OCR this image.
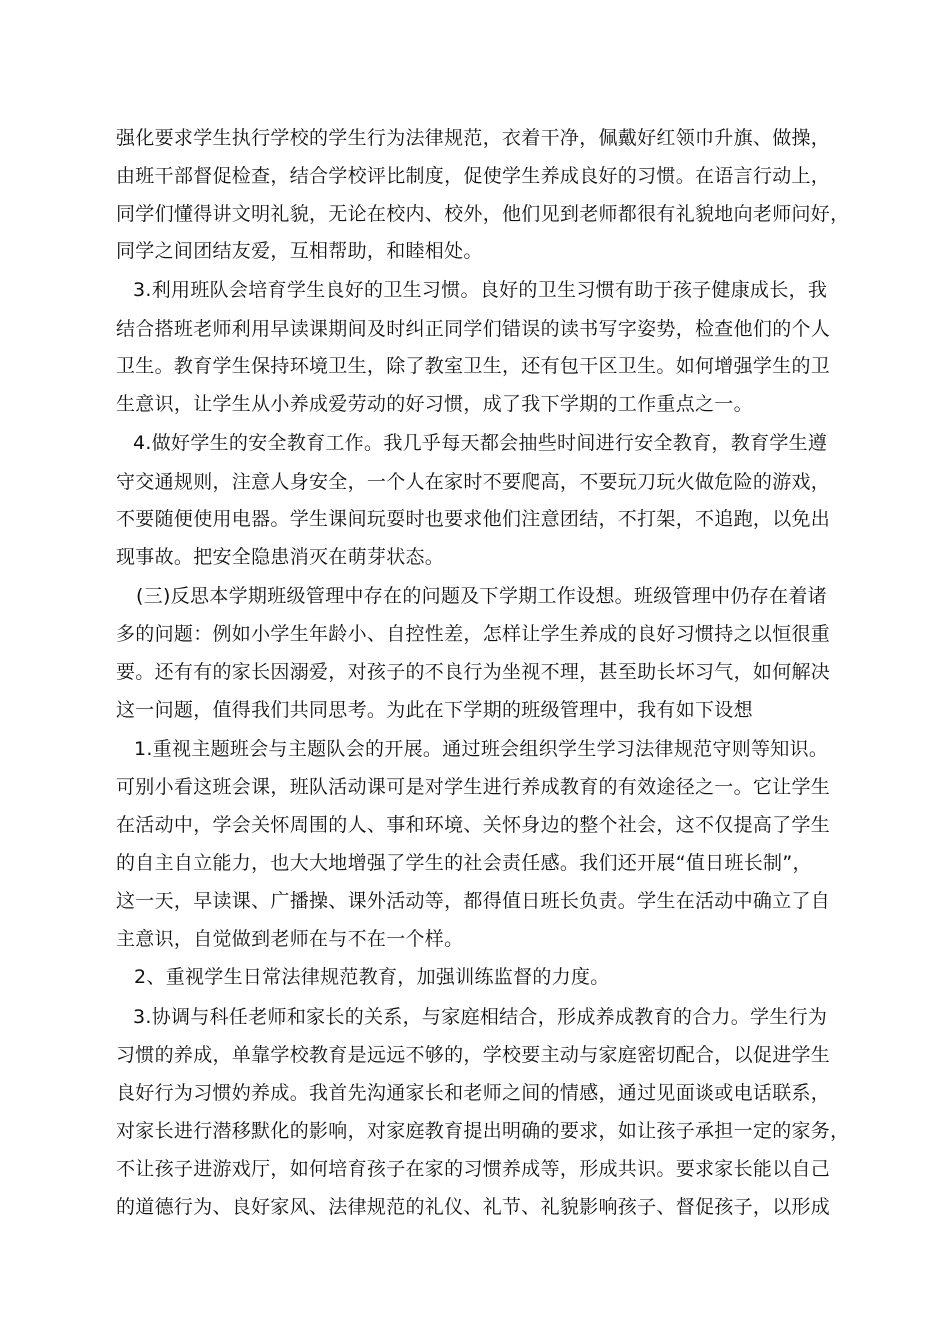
强化要求学生执行学校的学生行为法律规范，衣着干净，佩戴好红领巾升旗、做操，
由班干部督促检查，结合学校评比制度，促使学生养成良好的习惯。在语言行动上，
同学们懂得讲文明礼貌，无论在校内、校外，他们见到老师都很有礼貌地向老师问好，
同学之间团结友爱，互相帮助，和睦相处。
3.利用班队会培育学生良好的卫生习惯。良好的卫生习惯有助于孩子健康成长，我
结合搭班老师利用早读课期间及时纠正同学们错误的读书写字姿势，检查他们的个人
卫生。教育学生保持环境卫生，除了教室卫生，还有包干区卫生。如何增强学生的卫
生意识，让学生从小养成爱劳动的好习惯，成了我下学期的工作重点之一。
4.做好学生的安全教育工作。我几乎每天都会抽些时间进行安全教育，教育学生遵
守交通规则，注意人身安全，一个人在家时不要爬高，不要玩刀玩火做危险的游戏，
不要随便使用电器。学生课间玩耍时也要求他们注意团结，不打架，不追跑，以免出
现事故。把安全隐患消灭在萌芽状态。
(三)反思本学期班级管理中存在的问题及下学期工作设想。班级管理中仍存在着诸
多的问题：例如小学生年龄小、自控性差，怎样让学生养成的良好习惯持之以恒很重
要。还有有的家长因溺爱，对孩子的不良行为坐视不理，甚至助长坏习气，如何解决
这一问题，值得我们共同思考。为此在下学期的班级管理中，我有如下设想
1.重视主题班会与主题队会的开展。通过班会组织学生学习法律规范守则等知识。
可别小看这班会课，班队活动课可是对学生进行养成教育的有效途径之一。它让学生
在活动中，学会关怀周围的人、事和环境、关怀身边的整个社会，这不仅提高了学生
的自主自立能力，也大大地增强了学生的社会责任感。我们还开展“值日班长制”，
这一天，早读课、广播操、课外活动等，都得值日班长负责。学生在活动中确立了自
主意识，自觉做到老师在与不在一个样。
2、重视学生日常法律规范教育，加强训练监督的力度。
3.协调与科任老师和家长的关系，与家庭相结合，形成养成教育的合力。学生行为
习惯的养成，单靠学校教育是远远不够的，学校要主动与家庭密切配合，以促进学生
良好行为习惯妁养成。我首先沟通家长和老师之间的情感，通过见面谈或电话联系，
对家长进行潜移默化的影响，对家庭教育提出明确的要求，如让孩子承担一定的家务，
不让孩子进游戏厅，如何培育孩子在家的习惯养成等，形成共识。要求家长能以自己
的道德行为、良好家风、法律规范的礼仪、礼节、礼貌影响孩子、督促孩子，以形成
